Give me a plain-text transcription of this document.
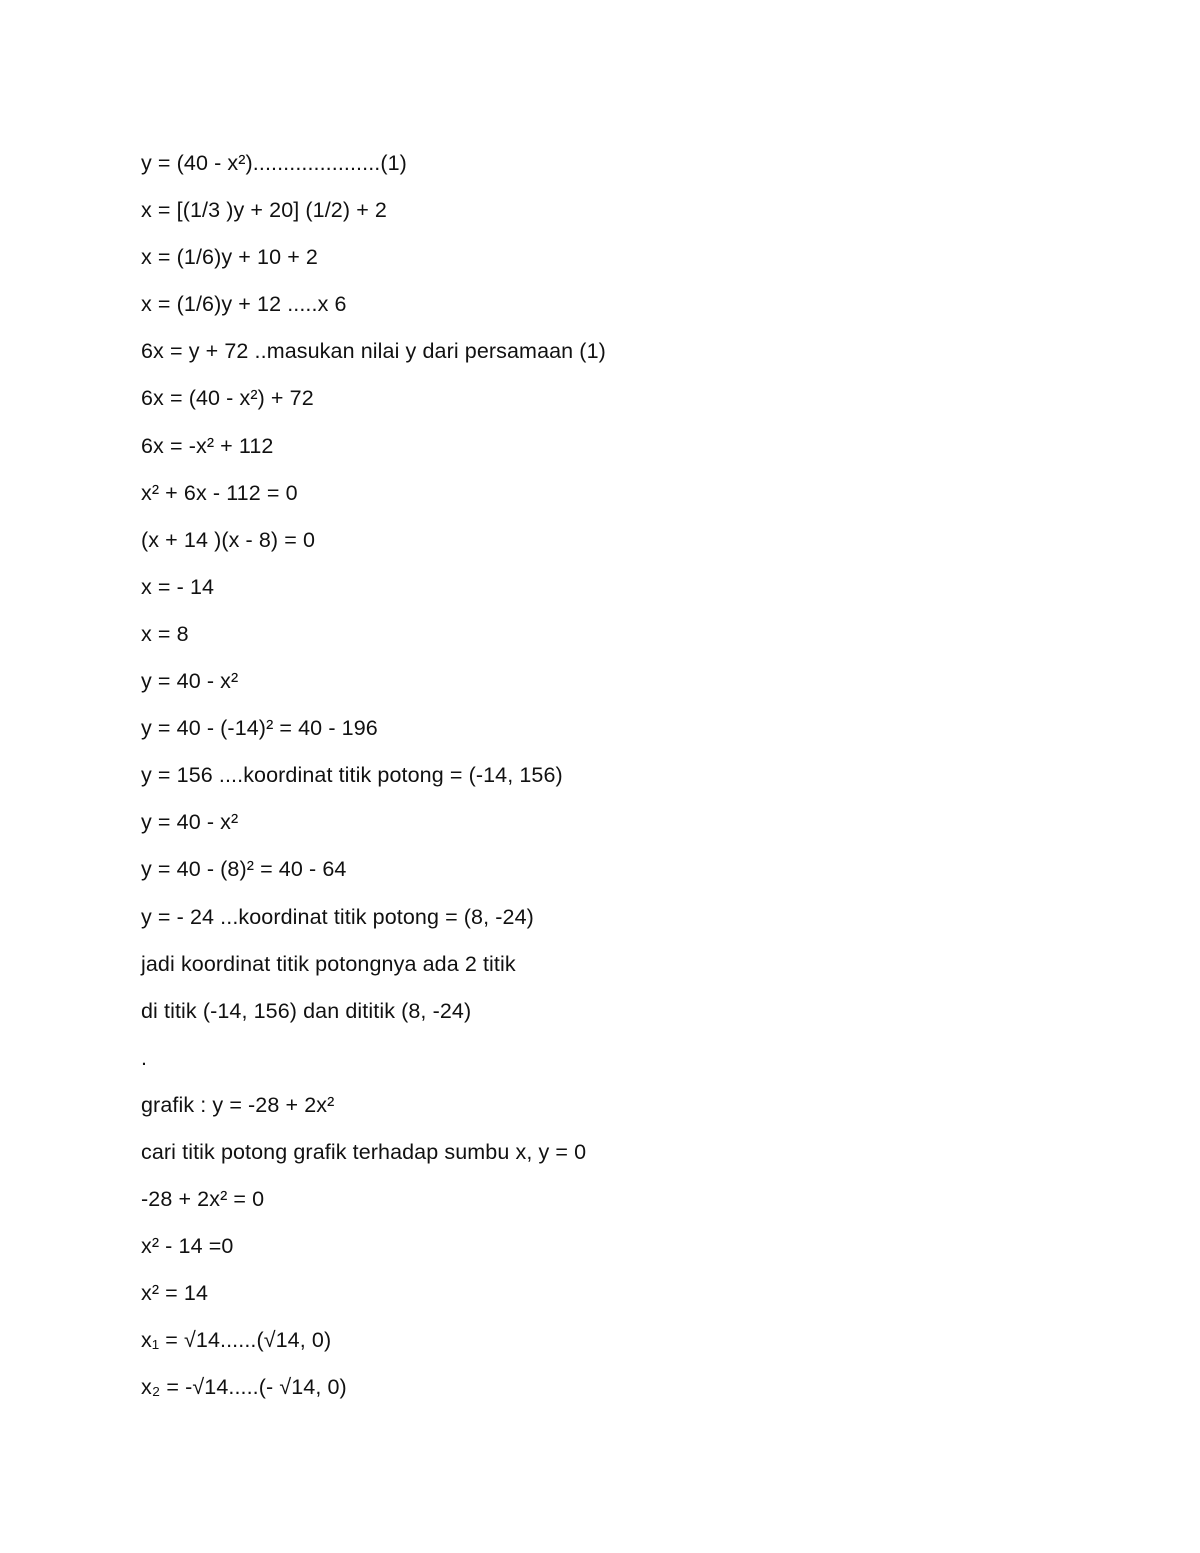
y = (40 - x²).....................(1)
x = [(1/3 )y + 20] (1/2) + 2
x = (1/6)y + 10 + 2
x = (1/6)y + 12 .....x 6
6x = y + 72 ..masukan nilai y dari persamaan (1)
6x = (40 - x²) + 72
6x = -x² + 112
x² + 6x - 112 = 0
(x + 14 )(x - 8) = 0
x = - 14
x = 8
y = 40 - x²
y = 40 - (-14)² = 40 - 196
y = 156 ....koordinat titik potong = (-14, 156)
y = 40 - x²
y = 40 - (8)² = 40 - 64
y = - 24 ...koordinat titik potong = (8, -24)
jadi koordinat titik potongnya ada 2 titik
di titik (-14, 156) dan dititik (8, -24)
.
grafik : y = -28 + 2x²
cari titik potong grafik terhadap sumbu x, y = 0
-28 + 2x² = 0
x² - 14 =0
x² = 14
x₁ = √14......(√14, 0)
x₂ = -√14.....(- √14, 0)
